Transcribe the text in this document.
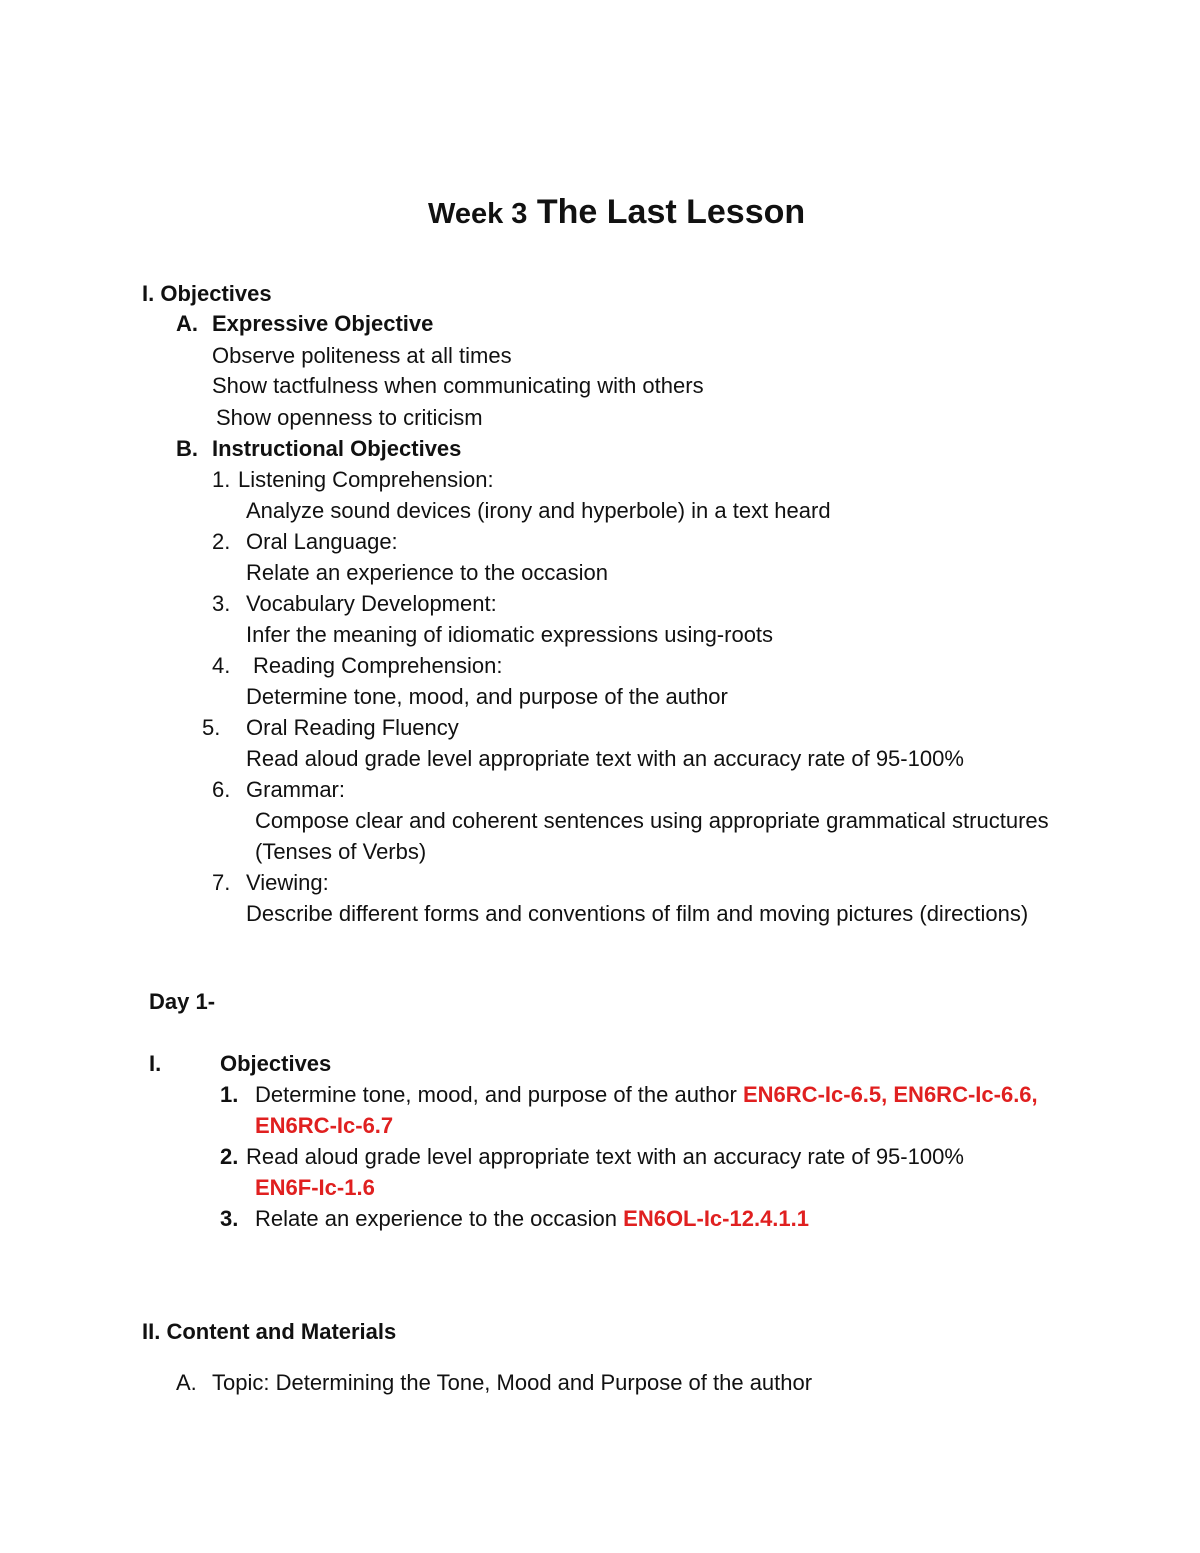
Week 3 The Last Lesson
I. Objectives
A. Expressive Objective
Observe politeness at all times
Show tactfulness when communicating with others
Show openness to criticism
B. Instructional Objectives
1. Listening Comprehension:
Analyze sound devices (irony and hyperbole) in a text heard
2. Oral Language:
Relate an experience to the occasion
3. Vocabulary Development:
Infer the meaning of idiomatic expressions using-roots
4. Reading Comprehension:
Determine tone, mood, and purpose of the author
5. Oral Reading Fluency
Read aloud grade level appropriate text with an accuracy rate of 95-100%
6. Grammar:
Compose clear and coherent sentences using appropriate grammatical structures
(Tenses of Verbs)
7. Viewing:
Describe different forms and conventions of film and moving pictures (directions)
Day 1-
I.	Objectives
1. Determine tone, mood, and purpose of the author EN6RC-Ic-6.5, EN6RC-Ic-6.6,
EN6RC-Ic-6.7
2. Read aloud grade level appropriate text with an accuracy rate of 95-100%
EN6F-Ic-1.6
3. Relate an experience to the occasion EN6OL-Ic-12.4.1.1
II. Content and Materials
A. Topic: Determining the Tone, Mood and Purpose of the author
